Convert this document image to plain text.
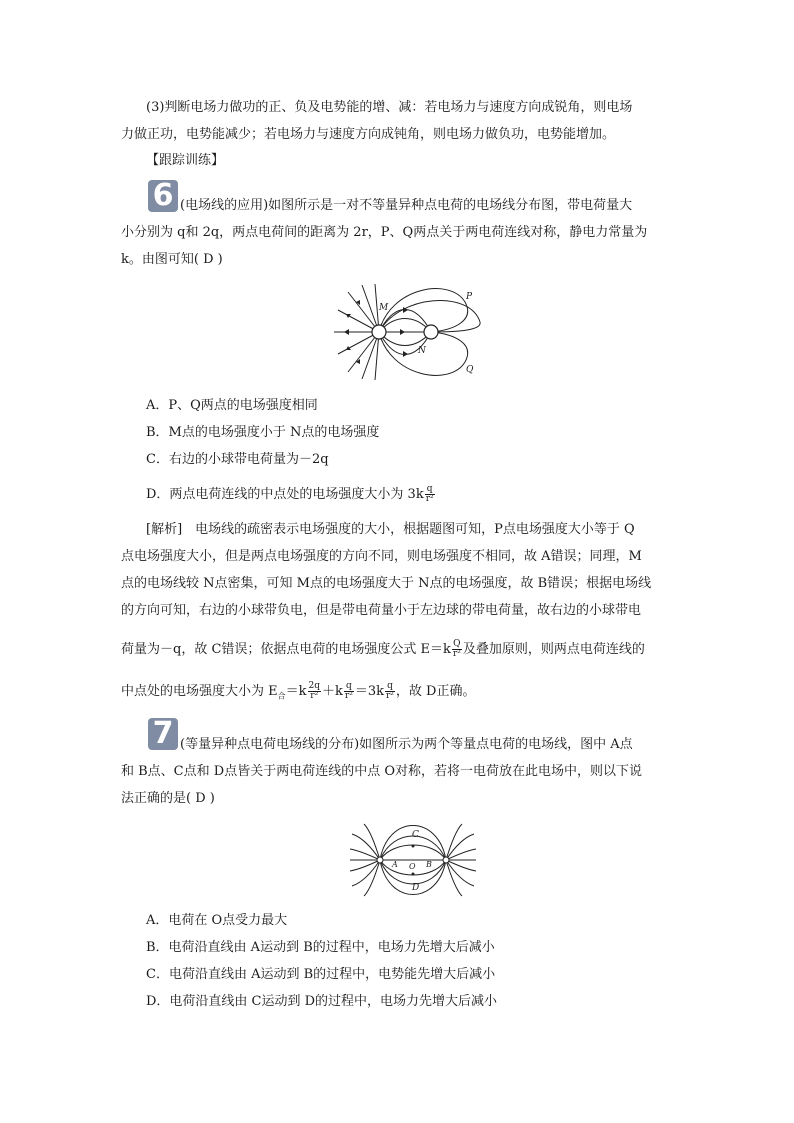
(3)判断电场力做功的正、负及电势能的增、减：若电场力与速度方向成锐角，则电场
力做正功，电势能减少；若电场力与速度方向成钝角，则电场力做负功，电势能增加。
【跟踪训练】
6 (电场线的应用)如图所示是一对不等量异种点电荷的电场线分布图，带电荷量大
小分别为 q和 2q，两点电荷间的距离为 2r，P、Q两点关于两电荷连线对称，静电力常量为
k。由图可知( D )
M
N
P
Q
A．P、Q两点的电场强度相同
B．M点的电场强度小于 N点的电场强度
C．右边的小球带电荷量为－2q
D．两点电荷连线的中点处的电场强度大小为 $3k \frac{q}{\text{r²}}$
[解析]　电场线的疏密表示电场强度的大小，根据题图可知，P点电场强度大小等于 Q
点电场强度大小，但是两点电场强度的方向不同，则电场强度不相同，故 A错误；同理，M
点的电场线较 N点密集，可知 M点的电场强度大于 N点的电场强度，故 B错误；根据电场线
的方向可知，右边的小球带负电，但是带电荷量小于左边球的带电荷量，故右边的小球带电
荷量为－q，故 C错误；依据点电荷的电场强度公式 $E=k \frac{Q}{\text{r²}}$ 及叠加原则，则两点电荷连线的
中点处的电场强度大小为 $E_合=k \frac{2q}{\text{r²}} +k \frac{q}{\text{r²}} =3k \frac{q}{\text{r²}}$ ，故 D正确。
7 (等量异种点电荷电场线的分布)如图所示为两个等量点电荷的电场线，图中 A点
和 B点、C点和 D点皆关于两电荷连线的中点 O对称，若将一电荷放在此电场中，则以下说
法正确的是( D )
C
D
A O B
A．电荷在 O点受力最大
B．电荷沿直线由 A运动到 B的过程中，电场力先增大后减小
C．电荷沿直线由 A运动到 B的过程中，电势能先增大后减小
D．电荷沿直线由 C运动到 D的过程中，电场力先增大后减小
